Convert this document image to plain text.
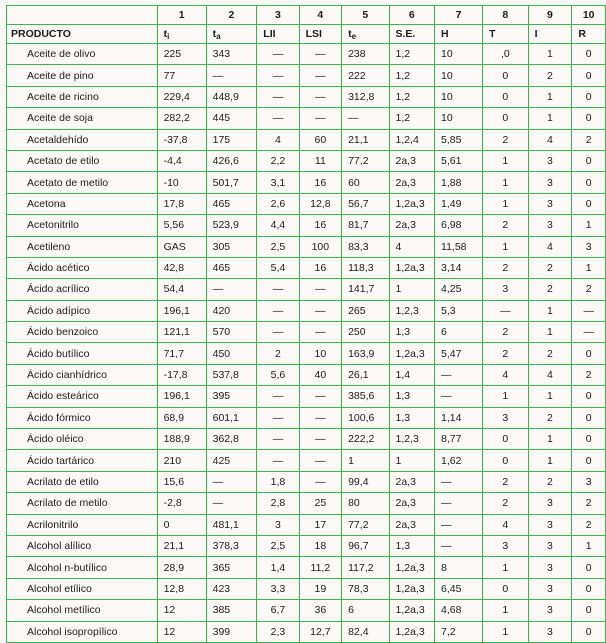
	1	2	3	4	5	6	7	8	9	10
PRODUCTO	$t_i$	$t_a$	LII	LSI	$t_e$	S.E.	H	T	I	R
Aceite de olivo	225	343	—	—	238	1,2	10	,0	1	0
Aceite de pino	77	—	—	—	222	1,2	10	0	2	0
Aceite de ricino	229,4	448,9	—	—	312,8	1,2	10	0	1	0
Aceite de soja	282,2	445	—	—	—	1,2	10	0	1	0
Acetaldehído	-37,8	175	4	60	21,1	1,2,4	5,85	2	4	2
Acetato de etilo	-4,4	426,6	2,2	11	77,2	2a,3	5,61	1	3	0
Acetato de metilo	-10	501,7	3,1	16	60	2a,3	1,88	1	3	0
Acetona	17,8	465	2,6	12,8	56,7	1,2a,3	1,49	1	3	0
Acetonitrilo	5,56	523,9	4,4	16	81,7	2a,3	6,98	2	3	1
Acetileno	GAS	305	2,5	100	83,3	4	11,58	1	4	3
Ácido acético	42,8	465	5,4	16	118,3	1,2a,3	3,14	2	2	1
Ácido acrílico	54,4	—	—	—	141,7	1	4,25	3	2	2
Ácido adípico	196,1	420	—	—	265	1,2,3	5,3	—	1	—
Ácido benzoico	121,1	570	—	—	250	1,3	6	2	1	—
Ácido butílico	71,7	450	2	10	163,9	1,2a,3	5,47	2	2	0
Ácido cianhídrico	-17,8	537,8	5,6	40	26,1	1,4	—	4	4	2
Ácido esteárico	196,1	395	—	—	385,6	1,3	—	1	1	0
Ácido fórmico	68,9	601,1	—	—	100,6	1,3	1,14	3	2	0
Ácido oléico	188,9	362,8	—	—	222,2	1,2,3	8,77	0	1	0
Ácido tartárico	210	425	—	—	1	1	1,62	0	1	0
Acrilato de etilo	15,6	—	1,8	—	99,4	2a,3	—	2	2	3
Acrilato de metilo	-2,8	—	2,8	25	80	2a,3	—	2	3	2
Acrilonitrilo	0	481,1	3	17	77,2	2a,3	—	4	3	2
Alcohol alílico	21,1	378,3	2,5	18	96,7	1,3	—	3	3	1
Alcohol n-butílico	28,9	365	1,4	11,2	117,2	1,2a,3	8	1	3	0
Alcohol etílico	12,8	423	3,3	19	78,3	1,2a,3	6,45	0	3	0
Alcohol metílico	12	385	6,7	36	6	1,2a,3	4,68	1	3	0
Alcohol isopropílico	12	399	2,3	12,7	82,4	1,2a,3	7,2	1	3	0
